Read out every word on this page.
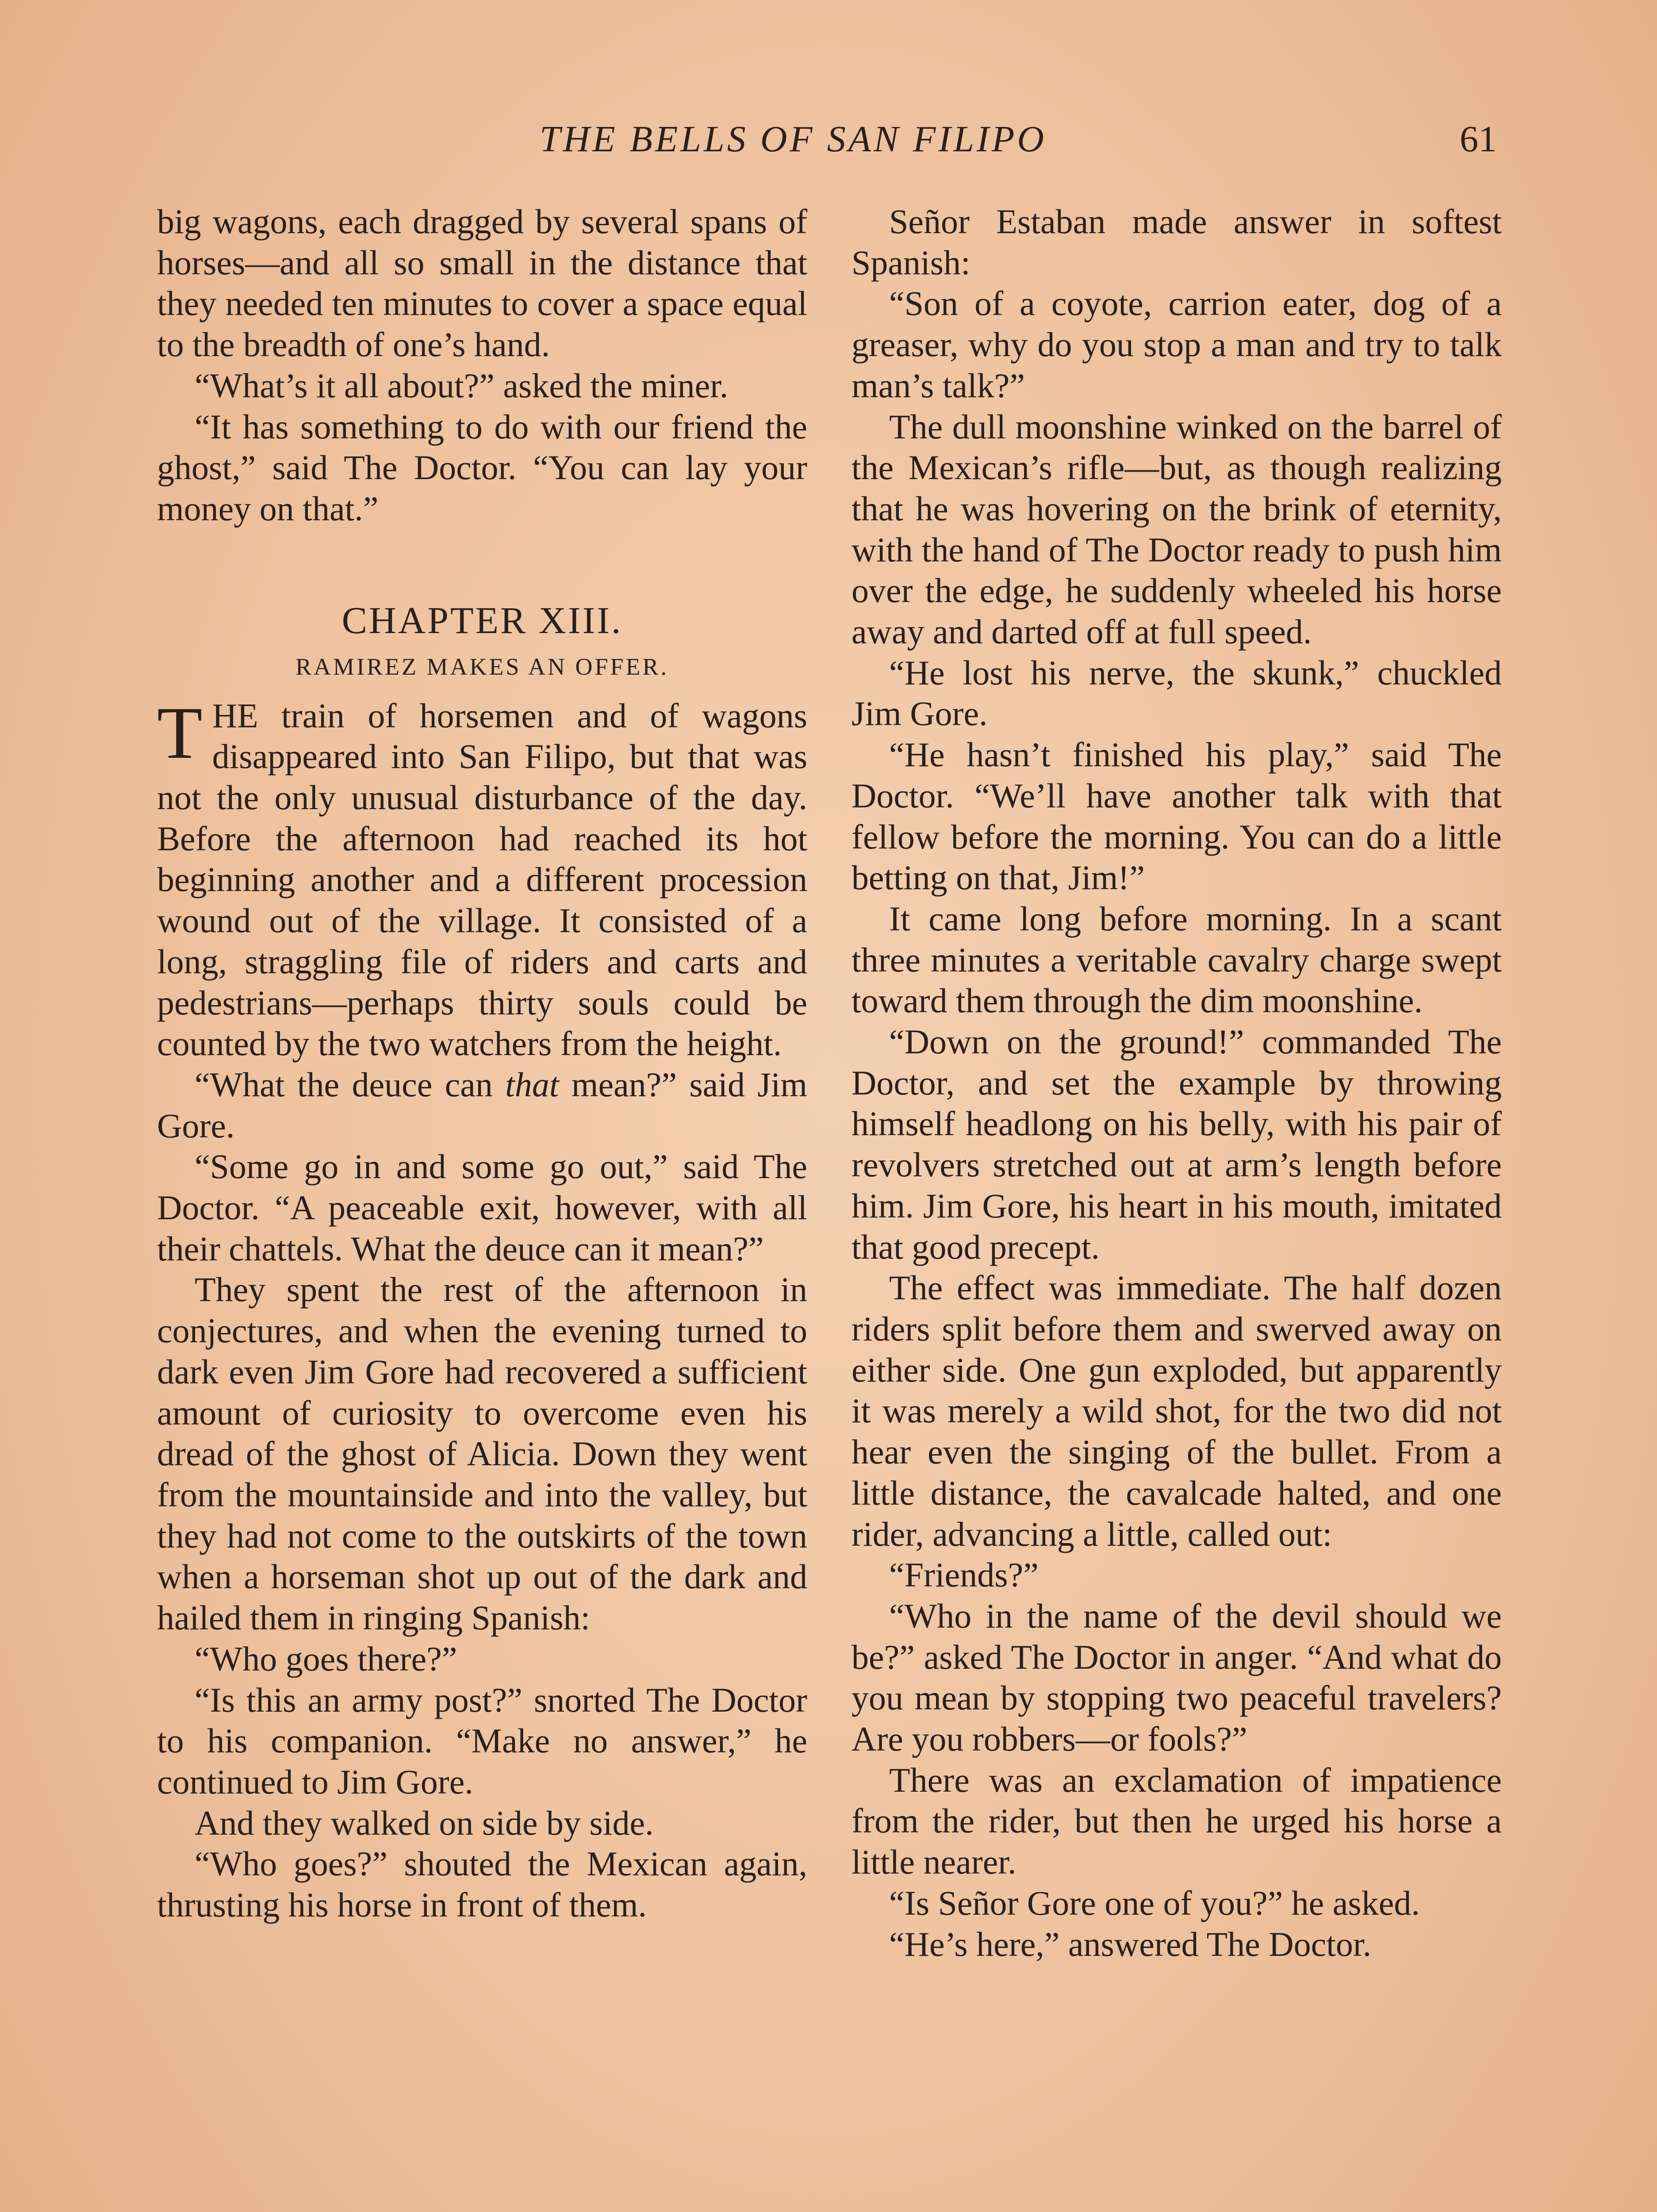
THE BELLS OF SAN FILIPO	61

big wagons, each dragged by several spans of horses—and all so small in the distance that they needed ten minutes to cover a space equal to the breadth of one’s hand.

“What’s it all about?” asked the miner.

“It has something to do with our friend the ghost,” said The Doctor. “You can lay your money on that.”

CHAPTER XIII.
RAMIREZ MAKES AN OFFER.

THE train of horsemen and of wagons disappeared into San Filipo, but that was not the only unusual disturbance of the day. Before the afternoon had reached its hot beginning another and a different procession wound out of the village. It consisted of a long, straggling file of riders and carts and pedestrians—perhaps thirty souls could be counted by the two watchers from the height.

“What the deuce can that mean?” said Jim Gore.

“Some go in and some go out,” said The Doctor. “A peaceable exit, however, with all their chattels. What the deuce can it mean?”

They spent the rest of the afternoon in conjectures, and when the evening turned to dark even Jim Gore had recovered a sufficient amount of curiosity to overcome even his dread of the ghost of Alicia. Down they went from the mountainside and into the valley, but they had not come to the outskirts of the town when a horseman shot up out of the dark and hailed them in ringing Spanish:

“Who goes there?”

“Is this an army post?” snorted The Doctor to his companion. “Make no answer,” he continued to Jim Gore.

And they walked on side by side.

“Who goes?” shouted the Mexican again, thrusting his horse in front of them.

Señor Estaban made answer in softest Spanish:

“Son of a coyote, carrion eater, dog of a greaser, why do you stop a man and try to talk man’s talk?”

The dull moonshine winked on the barrel of the Mexican’s rifle—but, as though realizing that he was hovering on the brink of eternity, with the hand of The Doctor ready to push him over the edge, he suddenly wheeled his horse away and darted off at full speed.

“He lost his nerve, the skunk,” chuckled Jim Gore.

“He hasn’t finished his play,” said The Doctor. “We’ll have another talk with that fellow before the morning. You can do a little betting on that, Jim!”

It came long before morning. In a scant three minutes a veritable cavalry charge swept toward them through the dim moonshine.

“Down on the ground!” commanded The Doctor, and set the example by throwing himself headlong on his belly, with his pair of revolvers stretched out at arm’s length before him. Jim Gore, his heart in his mouth, imitated that good precept.

The effect was immediate. The half dozen riders split before them and swerved away on either side. One gun exploded, but apparently it was merely a wild shot, for the two did not hear even the singing of the bullet. From a little distance, the cavalcade halted, and one rider, advancing a little, called out:

“Friends?”

“Who in the name of the devil should we be?” asked The Doctor in anger. “And what do you mean by stopping two peaceful travelers? Are you robbers—or fools?”

There was an exclamation of impatience from the rider, but then he urged his horse a little nearer.

“Is Señor Gore one of you?” he asked.

“He’s here,” answered The Doctor.
